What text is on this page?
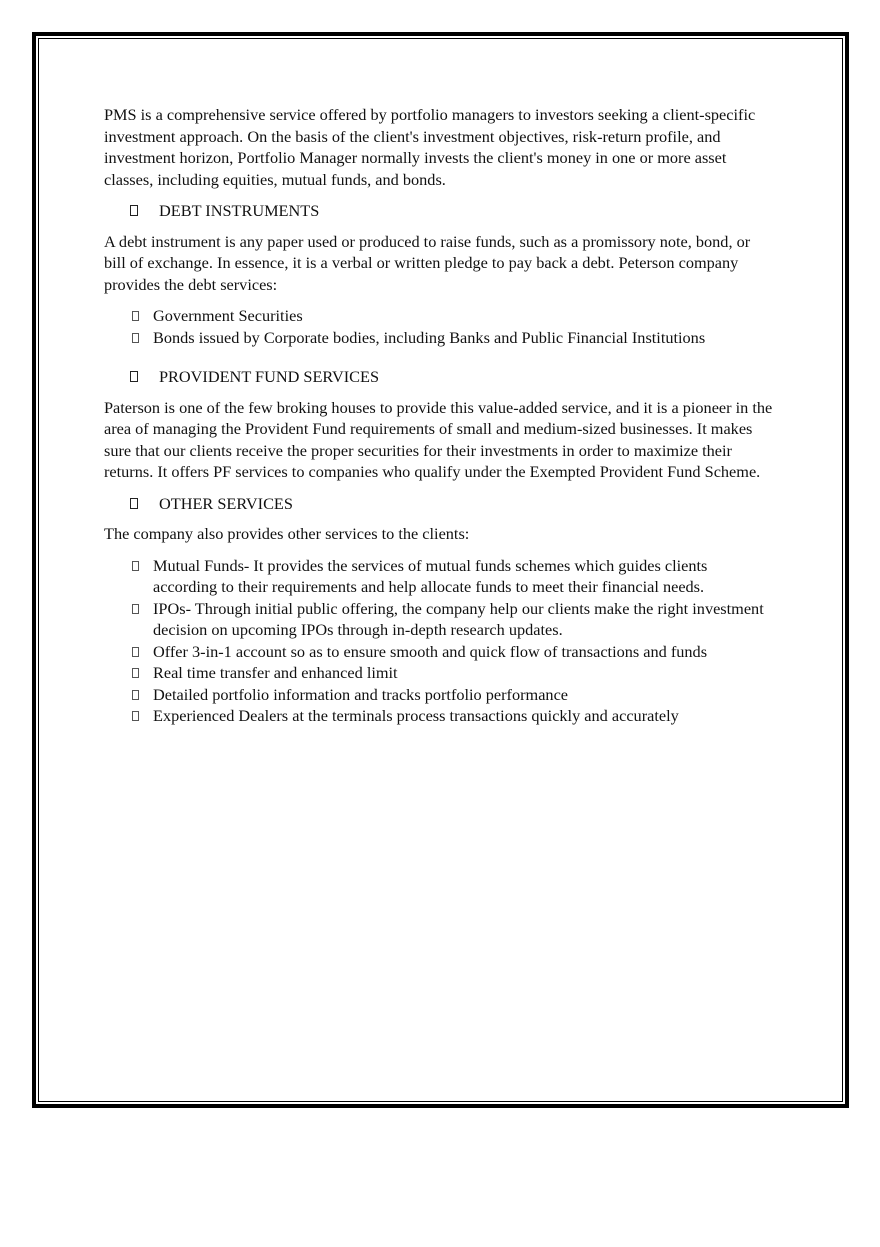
PMS is a comprehensive service offered by portfolio managers to investors seeking a client-specific investment approach. On the basis of the client's investment objectives, risk-return profile, and investment horizon, Portfolio Manager normally invests the client's money in one or more asset classes, including equities, mutual funds, and bonds.

DEBT INSTRUMENTS

A debt instrument is any paper used or produced to raise funds, such as a promissory note, bond, or bill of exchange. In essence, it is a verbal or written pledge to pay back a debt. Peterson company provides the debt services:

Government Securities
Bonds issued by Corporate bodies, including Banks and Public Financial Institutions
PROVIDENT FUND SERVICES

Paterson is one of the few broking houses to provide this value-added service, and it is a pioneer in the area of managing the Provident Fund requirements of small and medium-sized businesses. It makes sure that our clients receive the proper securities for their investments in order to maximize their returns. It offers PF services to companies who qualify under the Exempted Provident Fund Scheme.

OTHER SERVICES

The company also provides other services to the clients:

Mutual Funds- It provides the services of mutual funds schemes which guides clients according to their requirements and help allocate funds to meet their financial needs.
IPOs- Through initial public offering, the company help our clients make the right investment decision on upcoming IPOs through in-depth research updates.
Offer 3-in-1 account so as to ensure smooth and quick flow of transactions and funds
Real time transfer and enhanced limit
Detailed portfolio information and tracks portfolio performance
Experienced Dealers at the terminals process transactions quickly and accurately
